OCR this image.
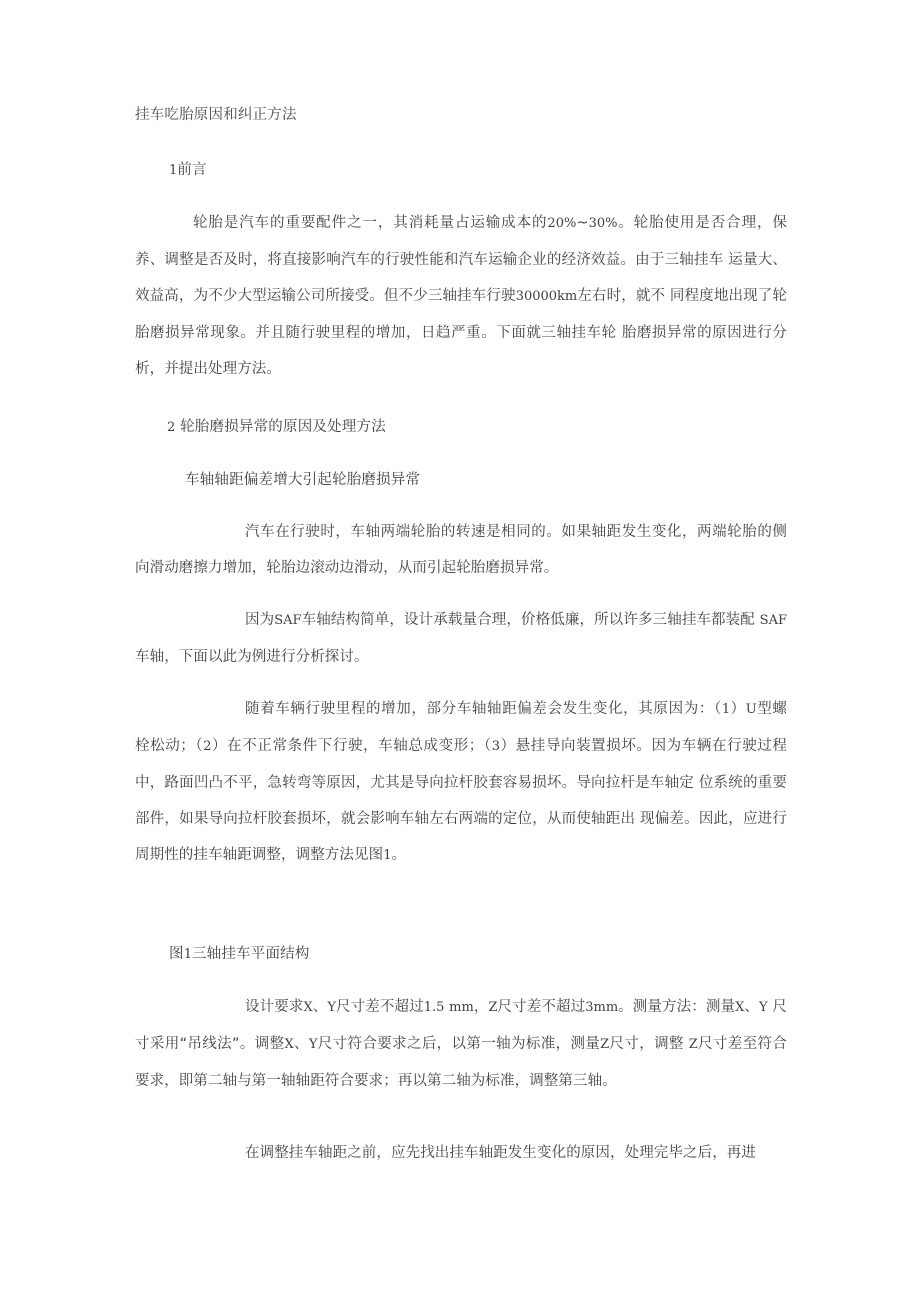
挂车吃胎原因和纠正方法
1前言

轮胎是汽车的重要配件之一，其消耗量占运输成本的20%~30%。轮胎使用是否合理，保 养、调整是否及时，将直接影响汽车的行驶性能和汽车运输企业的经济效益。由于三轴挂车 运量大、效益高，为不少大型运输公司所接受。但不少三轴挂车行驶30000km左右时，就不 同程度地出现了轮胎磨损异常现象。并且随行驶里程的增加，日趋严重。下面就三轴挂车轮 胎磨损异常的原因进行分析，并提出处理方法。

2 轮胎磨损异常的原因及处理方法
车轴轴距偏差增大引起轮胎磨损异常

汽车在行驶时，车轴两端轮胎的转速是相同的。如果轴距发生变化，两端轮胎的侧 向滑动磨擦力增加，轮胎边滚动边滑动，从而引起轮胎磨损异常。

因为SAF车轴结构简单，设计承载量合理，价格低廉，所以许多三轴挂车都装配 SAF车轴，下面以此为例进行分析探讨。

随着车辆行驶里程的增加，部分车轴轴距偏差会发生变化，其原因为：（1）U型螺 栓松动；（2）在不正常条件下行驶，车轴总成变形；（3）悬挂导向装置损坏。因为车辆在行驶过程中，路面凹凸不平，急转弯等原因，尤其是导向拉杆胶套容易损坏。导向拉杆是车轴定 位系统的重要部件，如果导向拉杆胶套损坏，就会影响车轴左右两端的定位，从而使轴距出 现偏差。因此，应进行周期性的挂车轴距调整，调整方法见图1。

图1三轴挂车平面结构

设计要求X、Y尺寸差不超过1.5 mm，Z尺寸差不超过3mm。测量方法：测量X、Y 尺寸采用“吊线法”。调整X、Y尺寸符合要求之后，以第一轴为标准，测量Z尺寸，调整 Z尺寸差至符合要求，即第二轴与第一轴轴距符合要求；再以第二轴为标准，调整第三轴。

在调整挂车轴距之前，应先找出挂车轴距发生变化的原因，处理完毕之后，再进
